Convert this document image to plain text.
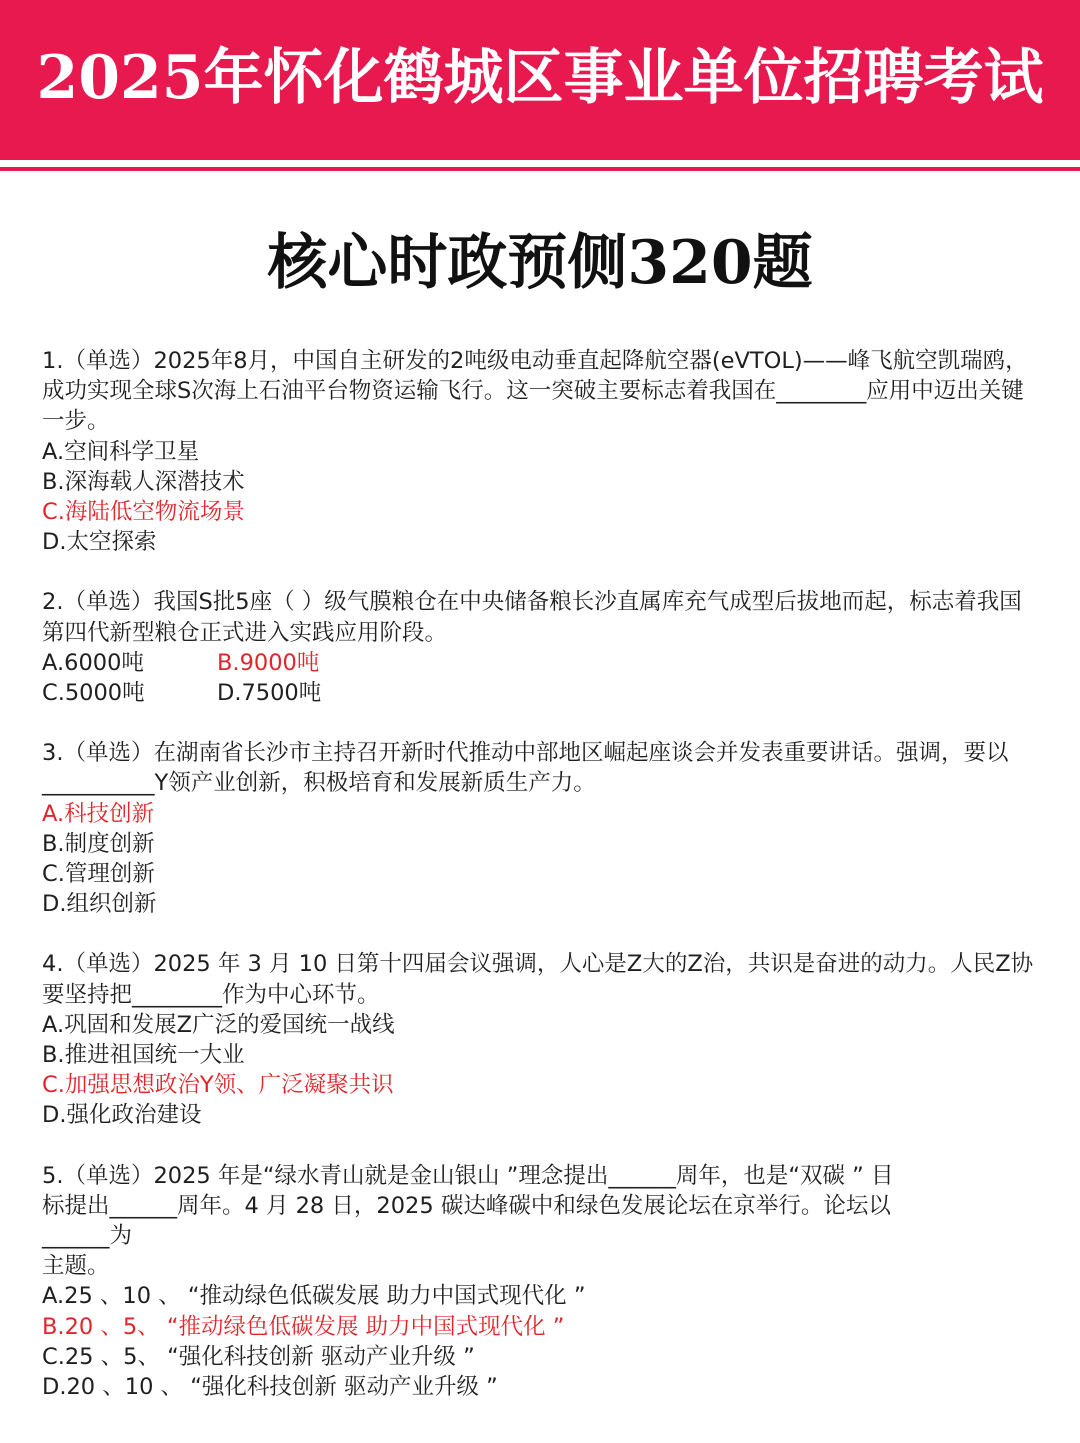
2025年怀化鹤城区事业单位招聘考试
核心时政预侧320题

1.（单选）2025年8月，中国自主研发的2吨级电动垂直起降航空器(eVTOL)——峰飞航空凯瑞鸥，成功实现全球S次海上石油平台物资运输飞行。这一突破主要标志着我国在________应用中迈出关键一步。

A.空间科学卫星

B.深海载人深潜技术

C.海陆低空物流场景

D.太空探索

2.（单选）我国S批5座（ ）级气膜粮仓在中央储备粮长沙直属库充气成型后拔地而起，标志着我国第四代新型粮仓正式进入实践应用阶段。

A.6000吨	B.9000吨

C.5000吨	D.7500吨

3.（单选）在湖南省长沙市主持召开新时代推动中部地区崛起座谈会并发表重要讲话。强调，要以__________Y领产业创新，积极培育和发展新质生产力。

A.科技创新

B.制度创新

C.管理创新

D.组织创新

4.（单选）2025 年 3 月 10 日第十四届会议强调，人心是Z大的Z治，共识是奋进的动力。人民Z协要坚持把________作为中心环节。

A.巩固和发展Z广泛的爱国统一战线

B.推进祖国统一大业

C.加强思想政治Y领、广泛凝聚共识

D.强化政治建设

5.（单选）2025 年是“绿水青山就是金山银山 ”理念提出______周年，也是“双碳 ” 目

标提出______周年。4 月 28 日，2025 碳达峰碳中和绿色发展论坛在京举行。论坛以

______为

主题。

A.25 、10 、 “推动绿色低碳发展 助力中国式现代化 ”

B.20 、5、 “推动绿色低碳发展 助力中国式现代化 ”

C.25 、5、 “强化科技创新 驱动产业升级 ”

D.20 、10 、 “强化科技创新 驱动产业升级 ”
